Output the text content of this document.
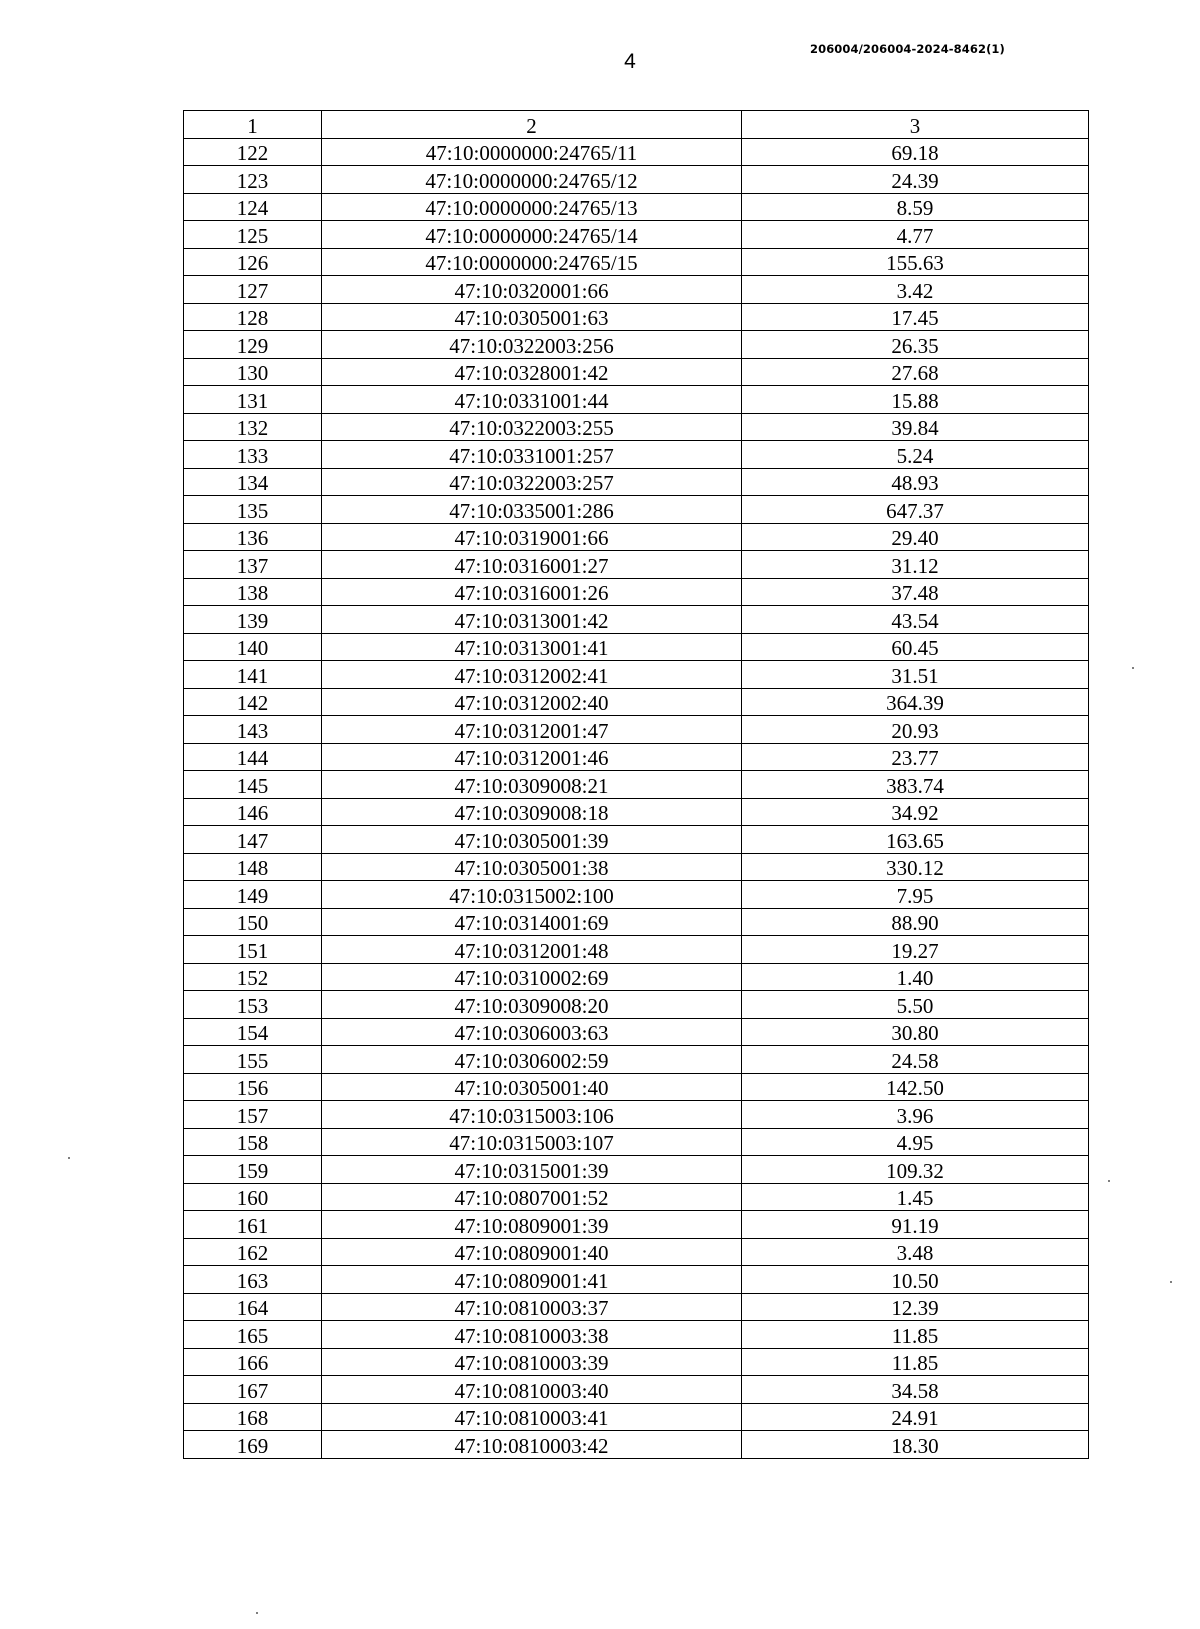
4
206004/206004-2024-8462(1)
1	2	3
122	47:10:0000000:24765/11	69.18
123	47:10:0000000:24765/12	24.39
124	47:10:0000000:24765/13	8.59
125	47:10:0000000:24765/14	4.77
126	47:10:0000000:24765/15	155.63
127	47:10:0320001:66	3.42
128	47:10:0305001:63	17.45
129	47:10:0322003:256	26.35
130	47:10:0328001:42	27.68
131	47:10:0331001:44	15.88
132	47:10:0322003:255	39.84
133	47:10:0331001:257	5.24
134	47:10:0322003:257	48.93
135	47:10:0335001:286	647.37
136	47:10:0319001:66	29.40
137	47:10:0316001:27	31.12
138	47:10:0316001:26	37.48
139	47:10:0313001:42	43.54
140	47:10:0313001:41	60.45
141	47:10:0312002:41	31.51
142	47:10:0312002:40	364.39
143	47:10:0312001:47	20.93
144	47:10:0312001:46	23.77
145	47:10:0309008:21	383.74
146	47:10:0309008:18	34.92
147	47:10:0305001:39	163.65
148	47:10:0305001:38	330.12
149	47:10:0315002:100	7.95
150	47:10:0314001:69	88.90
151	47:10:0312001:48	19.27
152	47:10:0310002:69	1.40
153	47:10:0309008:20	5.50
154	47:10:0306003:63	30.80
155	47:10:0306002:59	24.58
156	47:10:0305001:40	142.50
157	47:10:0315003:106	3.96
158	47:10:0315003:107	4.95
159	47:10:0315001:39	109.32
160	47:10:0807001:52	1.45
161	47:10:0809001:39	91.19
162	47:10:0809001:40	3.48
163	47:10:0809001:41	10.50
164	47:10:0810003:37	12.39
165	47:10:0810003:38	11.85
166	47:10:0810003:39	11.85
167	47:10:0810003:40	34.58
168	47:10:0810003:41	24.91
169	47:10:0810003:42	18.30
